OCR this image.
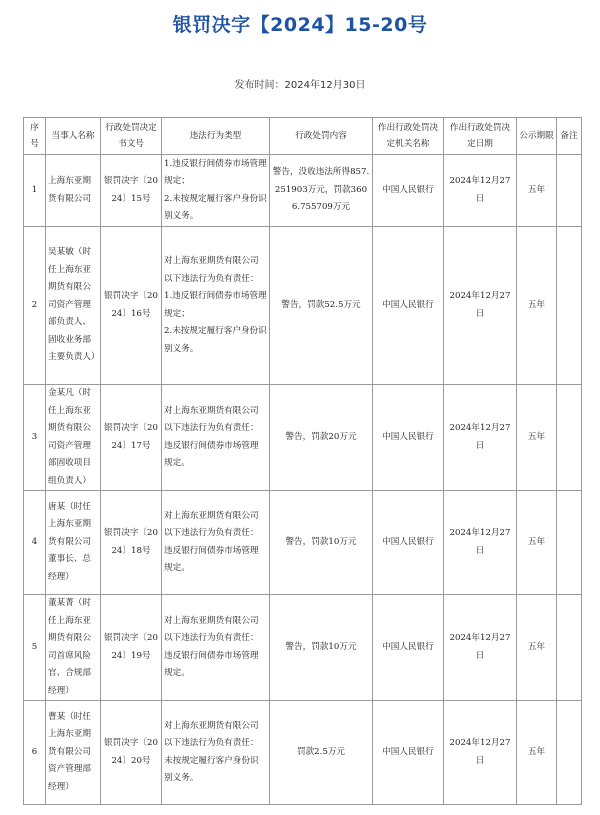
银罚决字【2024】15-20号
发布时间：2024年12月30日
序号	当事人名称	行政处罚决定书文号	违法行为类型	行政处罚内容	作出行政处罚决定机关名称	作出行政处罚决定日期	公示期限	备注
1	上海东亚期货有限公司	银罚决字〔2024〕15号	1.违反银行间债券市场管理规定；
2.未按规定履行客户身份识别义务。	警告，没收违法所得857.251903万元，罚款3606.755709万元	中国人民银行	2024年12月27日	五年	
2	吴某敏（时任上海东亚期货有限公司资产管理部负责人、固收业务部主要负责人）	银罚决字〔2024〕16号	对上海东亚期货有限公司以下违法行为负有责任：
1.违反银行间债券市场管理规定；
2.未按规定履行客户身份识别义务。	警告，罚款52.5万元	中国人民银行	2024年12月27日	五年	
3	金某凡（时任上海东亚期货有限公司资产管理部固收项目组负责人）	银罚决字〔2024〕17号	对上海东亚期货有限公司以下违法行为负有责任：
违反银行间债券市场管理规定。	警告，罚款20万元	中国人民银行	2024年12月27日	五年	
4	唐某（时任上海东亚期货有限公司董事长、总经理）	银罚决字〔2024〕18号	对上海东亚期货有限公司以下违法行为负有责任：
违反银行间债券市场管理规定。	警告，罚款10万元	中国人民银行	2024年12月27日	五年	
5	董某菁（时任上海东亚期货有限公司首席风险官、合规部经理）	银罚决字〔2024〕19号	对上海东亚期货有限公司以下违法行为负有责任：
违反银行间债券市场管理规定。	警告，罚款10万元	中国人民银行	2024年12月27日	五年	
6	曹某（时任上海东亚期货有限公司资产管理部经理）	银罚决字〔2024〕20号	对上海东亚期货有限公司以下违法行为负有责任：
未按规定履行客户身份识别义务。	罚款2.5万元	中国人民银行	2024年12月27日	五年	
